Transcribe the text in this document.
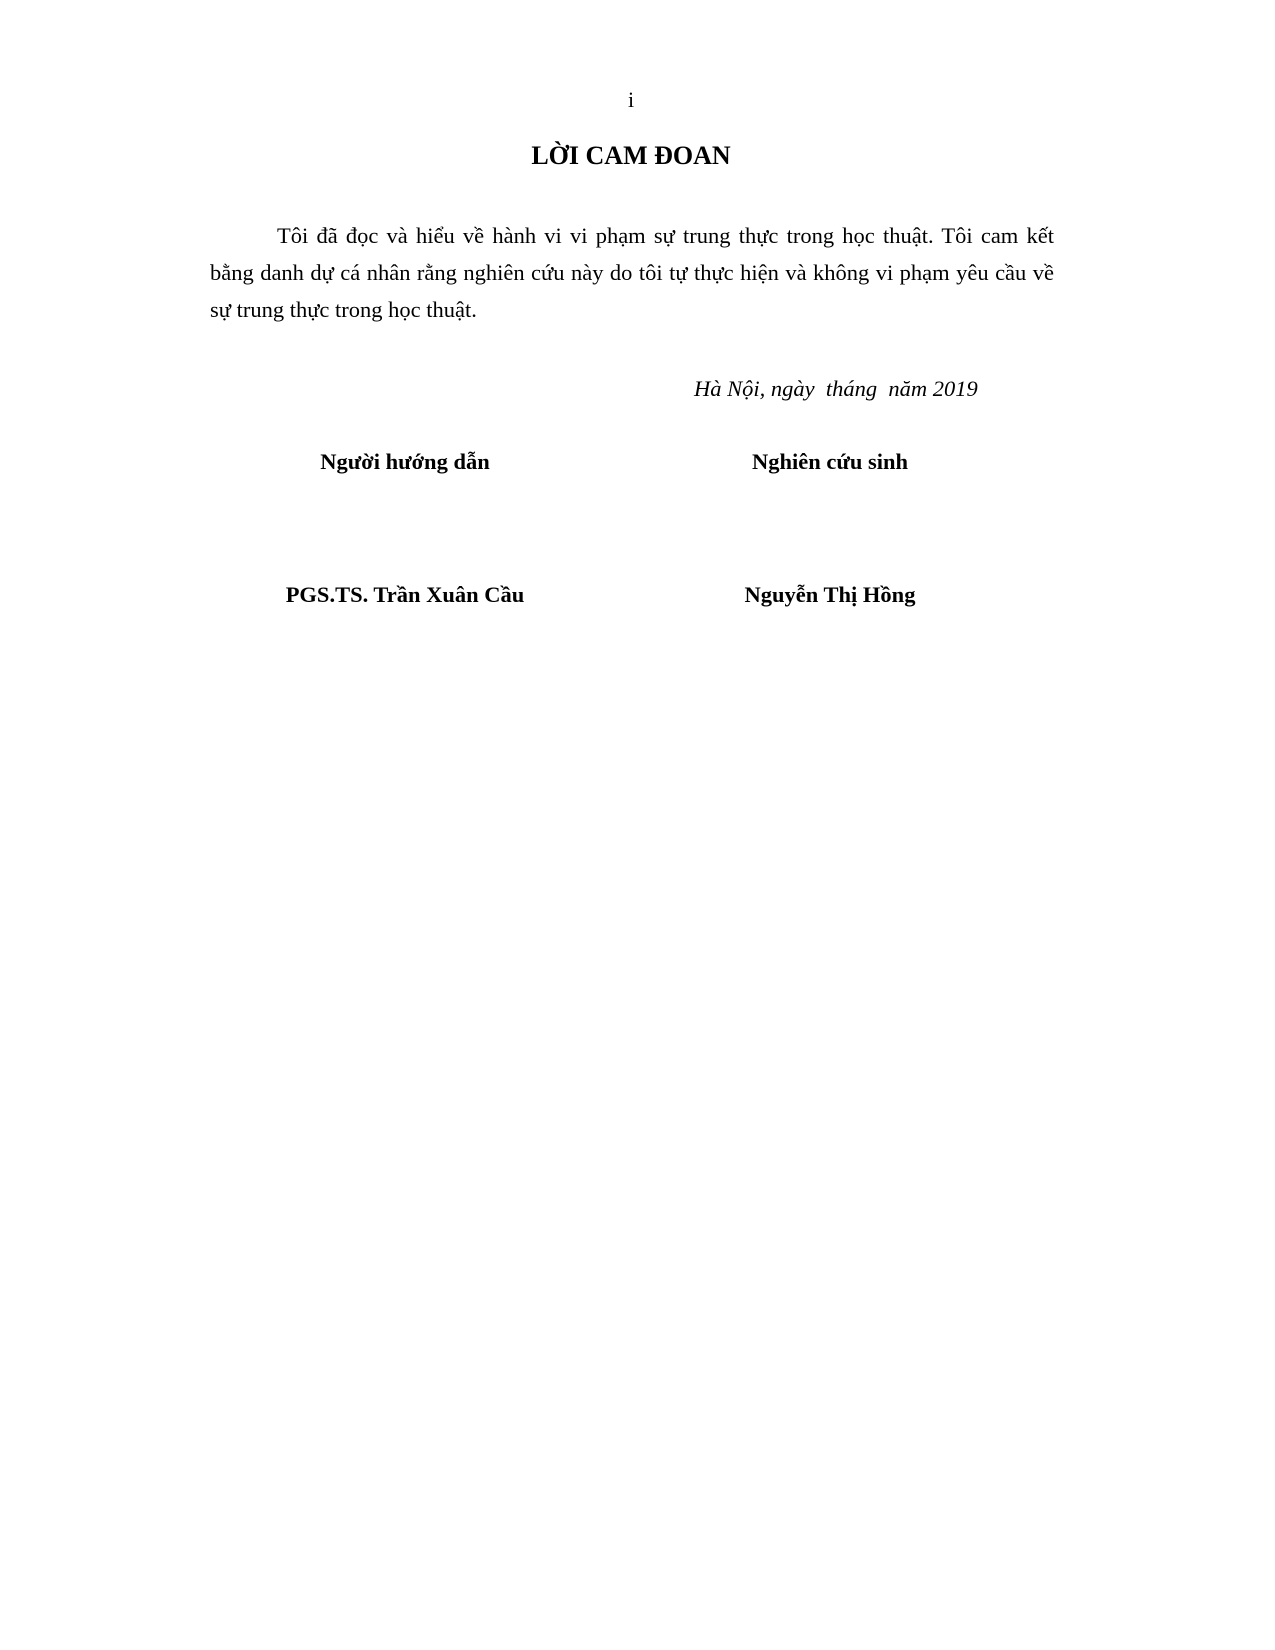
i
LỜI CAM ĐOAN

Tôi đã đọc và hiểu về hành vi vi phạm sự trung thực trong học thuật. Tôi cam kết bằng danh dự cá nhân rằng nghiên cứu này do tôi tự thực hiện và không vi phạm yêu cầu về sự trung thực trong học thuật.

Hà Nội, ngày  tháng  năm 2019
Người hướng dẫn	Nghiên cứu sinh
PGS.TS. Trần Xuân Cầu	Nguyễn Thị Hồng
